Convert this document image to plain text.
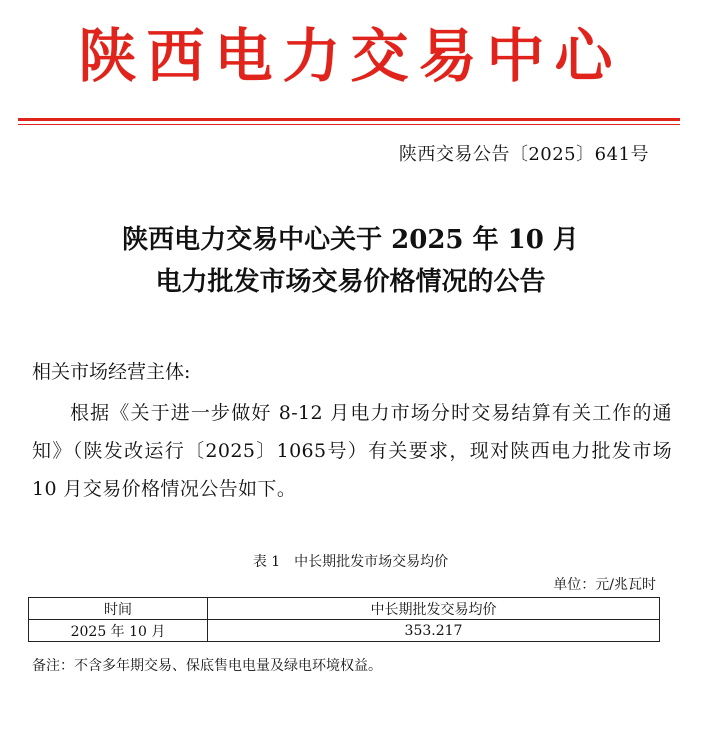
陕西电力交易中心
陕西交易公告〔2025〕641号
陕西电力交易中心关于 2025 年 10 月
电力批发市场交易价格情况的公告
相关市场经营主体:
根据《关于进一步做好 8-12 月电力市场分时交易结算有关工作的通知》（陕发改运行〔2025〕1065号）有关要求，现对陕西电力批发市场 10 月交易价格情况公告如下。
表 1　中长期批发市场交易均价
单位：元/兆瓦时
时间	中长期批发交易均价
2025 年 10 月	353.217
备注：不含多年期交易、保底售电电量及绿电环境权益。
